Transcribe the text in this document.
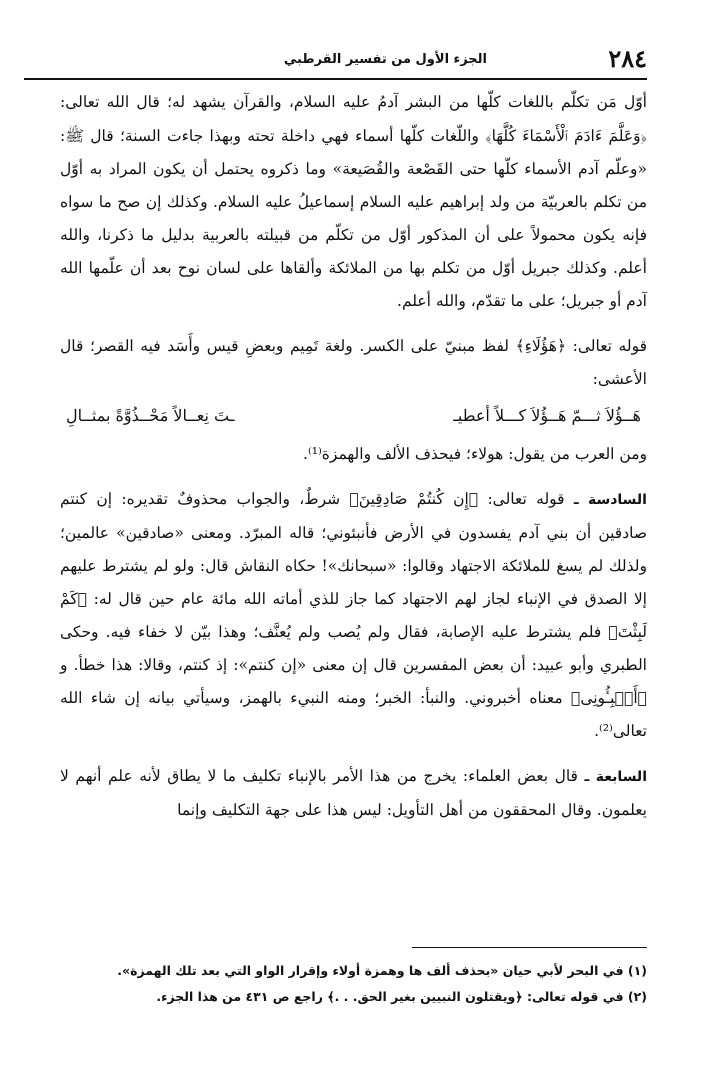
٢٨٤
الجزء الأول من تفسير القرطبي

أوّل مَن تكلّم باللغات كلّها من البشر آدمُ عليه السلام، والقرآن يشهد له؛ قال الله تعالى: ﴿وَعَلَّمَ ءَادَمَ ٱلْأَسْمَاءَ كُلَّهَا﴾ واللّغات كلّها أسماء فهي داخلة تحته وبهذا جاءت السنة؛ قال ﷺ: «وعلّم آدم الأسماء كلّها حتى القَصْعة والقُصَيعة» وما ذكروه يحتمل أن يكون المراد به أوّل من تكلم بالعربيّة من ولد إبراهيم عليه السلام إسماعيلُ عليه السلام. وكذلك إن صح ما سواه فإنه يكون محمولاً على أن المذكور أوّل من تكلّم من قبيلته بالعربية بدليل ما ذكرنا، والله أعلم. وكذلك جبريل أوّل من تكلم بها من الملائكة وألقاها على لسان نوح بعد أن علّمها الله آدم أو جبريل؛ على ما تقدّم، والله أعلم.

قوله تعالى: ﴿هَؤُلَاءِ﴾ لفظ مبنيّ على الكسر. ولغة تَمِيم وبعضِ قيس وأَسَد فيه القصر؛ قال الأعشى:

هَــؤُلاَ ثـــمّ هَــؤُلاَ كـــلاً أعطيـ
ـتَ نِعــالاً مَحْــذُوَّةً بمثــالِ

ومن العرب من يقول: هولاء؛ فيحذف الألف والهمزة⁽¹⁾.

السادسة ـ قوله تعالى: ﴿إِن كُنتُمْ صَادِقِينَ﴾ شرطٌ، والجواب محذوفٌ تقديره: إن كنتم صادقين أن بني آدم يفسدون في الأرض فأنبئوني؛ قاله المبرّد. ومعنى «صادقين» عالمين؛ ولذلك لم يسغ للملائكة الاجتهاد وقالوا: «سبحانك»! حكاه النقاش قال: ولو لم يشترط عليهم إلا الصدق في الإنباء لجاز لهم الاجتهاد كما جاز للذي أماته الله مائة عام حين قال له: ﴿كَمْ لَبِثْتَ﴾ فلم يشترط عليه الإصابة، فقال ولم يُصب ولم يُعنَّف؛ وهذا بيّن لا خفاء فيه. وحكى الطبري وأبو عبيد: أن بعض المفسرين قال إن معنى «إن كنتم»: إذ كنتم، وقالا: هذا خطأ. و ﴿أَنۢبِـُٔونِى﴾ معناه أخبروني. والنبأ: الخبر؛ ومنه النبيء بالهمز، وسيأتي بيانه إن شاء الله تعالى⁽²⁾.

السابعة ـ قال بعض العلماء: يخرج من هذا الأمر بالإنباء تكليف ما لا يطاق لأنه علم أنهم لا يعلمون. وقال المحققون من أهل التأويل: ليس هذا على جهة التكليف وإنما

(١) في البحر لأبي حيان «بحذف ألف ها وهمزة أولاء وإقرار الواو التي بعد تلك الهمزة».

(٢) في قوله تعالى: ﴿ويقتلون النبيين بغير الحق. . .﴾ راجع ص ٤٣١ من هذا الجزء.
